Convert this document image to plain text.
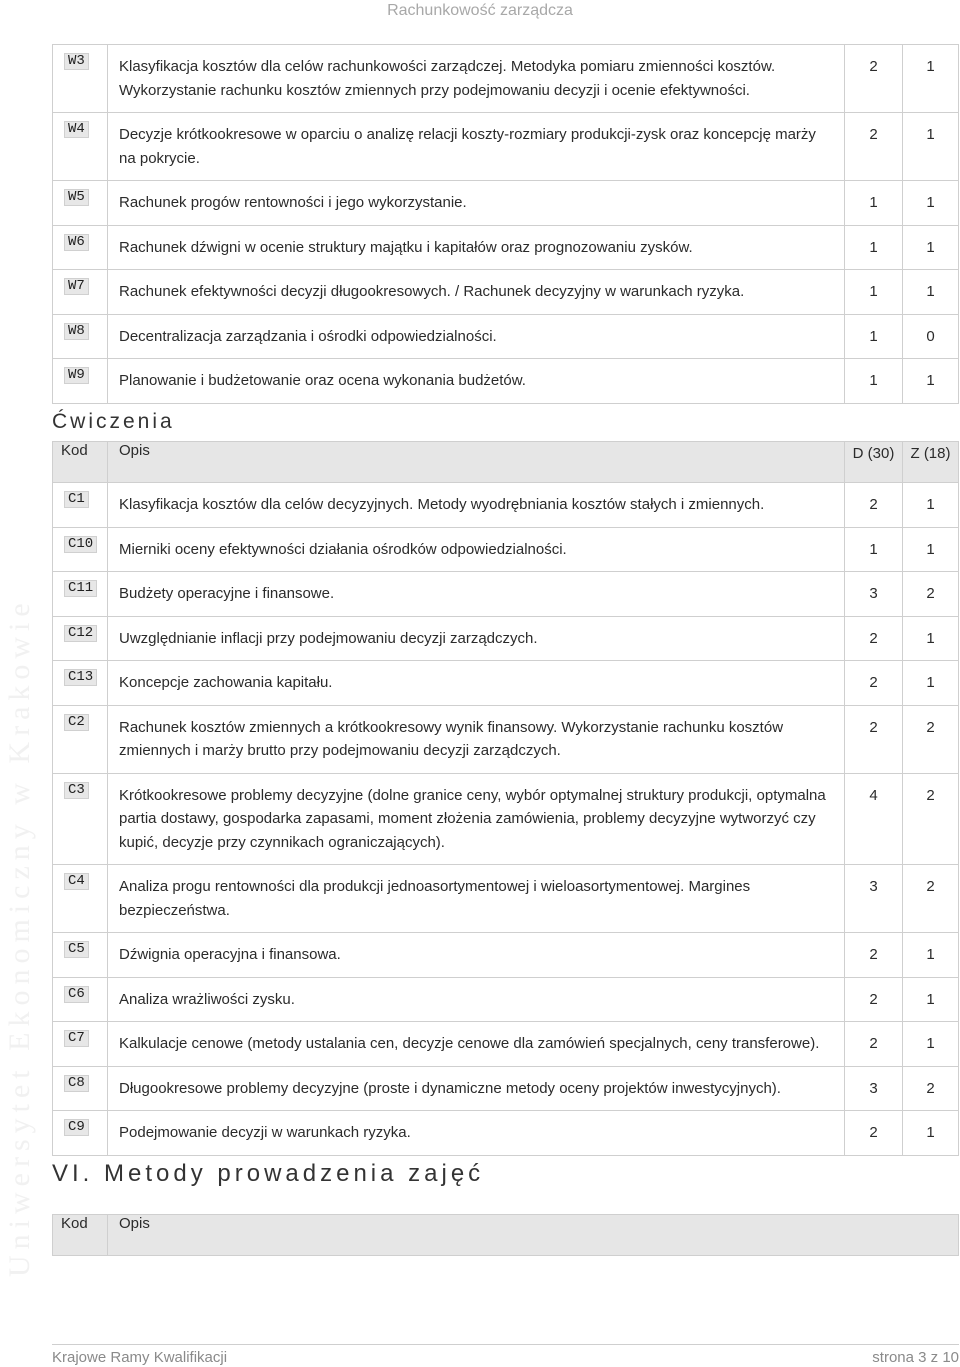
Rachunkowość zarządcza
Uniwersytet Ekonomiczny w Krakowie
W3	Klasyfikacja kosztów dla celów rachunkowości zarządczej. Metodyka pomiaru zmienności kosztów. Wykorzystanie rachunku kosztów zmiennych przy podejmowaniu decyzji i ocenie efektywności.	2	1
W4	Decyzje krótkookresowe w oparciu o analizę relacji koszty-rozmiary produkcji-zysk oraz koncepcję marży na pokrycie.	2	1
W5	Rachunek progów rentowności i jego wykorzystanie.	1	1
W6	Rachunek dźwigni w ocenie struktury majątku i kapitałów oraz prognozowaniu zysków.	1	1
W7	Rachunek efektywności decyzji długookresowych. / Rachunek decyzyjny w warunkach ryzyka.	1	1
W8	Decentralizacja zarządzania i ośrodki odpowiedzialności.	1	0
W9	Planowanie i budżetowanie oraz ocena wykonania budżetów.	1	1
Ćwiczenia
Kod	Opis	D (30)	Z (18)
C1	Klasyfikacja kosztów dla celów decyzyjnych. Metody wyodrębniania kosztów stałych i zmiennych.	2	1
C10	Mierniki oceny efektywności działania ośrodków odpowiedzialności.	1	1
C11	Budżety operacyjne i finansowe.	3	2
C12	Uwzględnianie inflacji przy podejmowaniu decyzji zarządczych.	2	1
C13	Koncepcje zachowania kapitału.	2	1
C2	Rachunek kosztów zmiennych a krótkookresowy wynik finansowy. Wykorzystanie rachunku kosztów zmiennych i marży brutto przy podejmowaniu decyzji zarządczych.	2	2
C3	Krótkookresowe problemy decyzyjne (dolne granice ceny, wybór optymalnej struktury produkcji, optymalna partia dostawy, gospodarka zapasami, moment złożenia zamówienia, problemy decyzyjne wytworzyć czy kupić, decyzje przy czynnikach ograniczających).	4	2
C4	Analiza progu rentowności dla produkcji jednoasortymentowej i wieloasortymentowej. Margines bezpieczeństwa.	3	2
C5	Dźwignia operacyjna i finansowa.	2	1
C6	Analiza wrażliwości zysku.	2	1
C7	Kalkulacje cenowe (metody ustalania cen, decyzje cenowe dla zamówień specjalnych, ceny transferowe).	2	1
C8	Długookresowe problemy decyzyjne (proste i dynamiczne metody oceny projektów inwestycyjnych).	3	2
C9	Podejmowanie decyzji w warunkach ryzyka.	2	1
VI. Metody prowadzenia zajęć
Kod	Opis
Krajowe Ramy Kwalifikacji	strona 3 z 10
